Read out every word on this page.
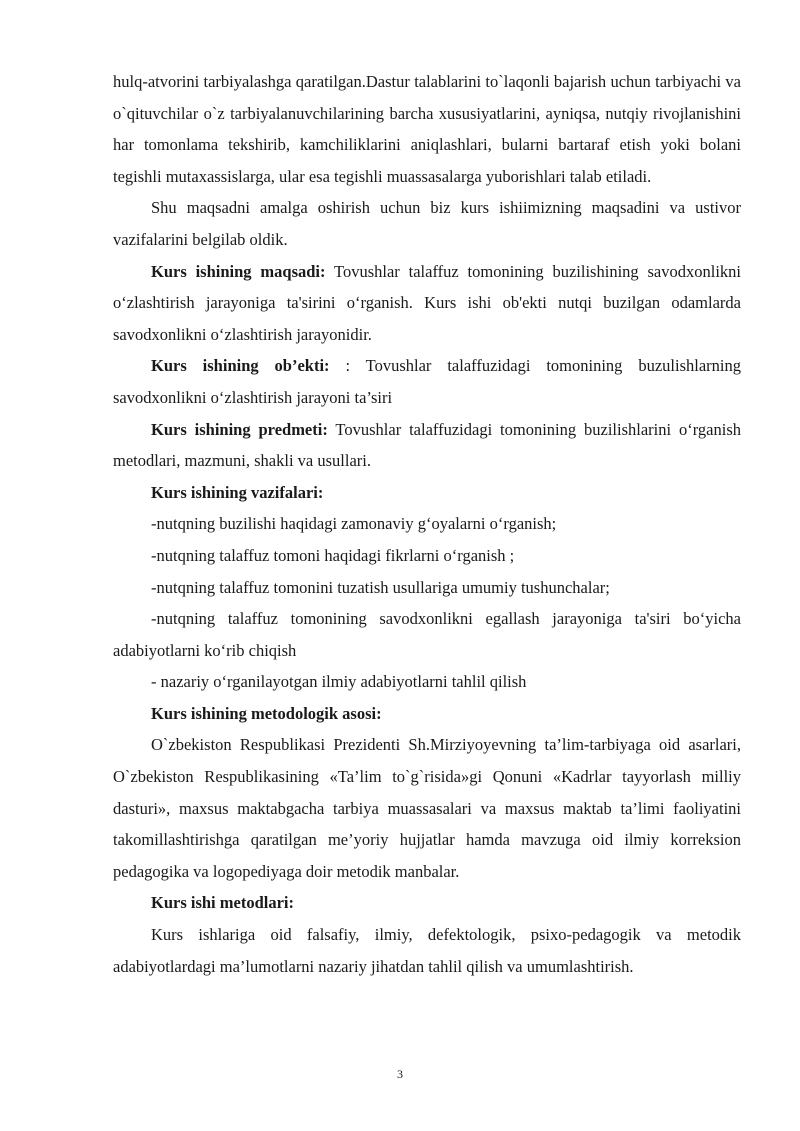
hulq-atvorini tarbiyalashga qaratilgan.Dastur talablarini to`laqonli bajarish uchun tarbiyachi va o`qituvchilar o`z tarbiyalanuvchilarining barcha xususiyatlarini, ayniqsa, nutqiy rivojlanishini har tomonlama tekshirib, kamchiliklarini aniqlashlari, bularni bartaraf etish yoki bolani tegishli mutaxassislarga, ular esa tegishli muassasalarga yuborishlari talab etiladi.

Shu maqsadni amalga oshirish uchun biz kurs ishiimizning maqsadini va ustivor vazifalarini belgilab oldik.

Kurs ishining maqsadi: Tovushlar talaffuz tomonining buzilishining savodxonlikni o‘zlashtirish jarayoniga ta'sirini o‘rganish. Kurs ishi ob'ekti nutqi buzilgan odamlarda savodxonlikni o‘zlashtirish jarayonidir.

Kurs ishining ob’ekti: : Tovushlar talaffuzidagi tomonining buzulishlarning savodxonlikni o‘zlashtirish jarayoni ta’siri

Kurs ishining predmeti: Tovushlar talaffuzidagi tomonining buzilishlarini o‘rganish metodlari, mazmuni, shakli va usullari.

Kurs ishining vazifalari:

-nutqning buzilishi haqidagi zamonaviy g‘oyalarni o‘rganish;

-nutqning talaffuz tomoni haqidagi fikrlarni o‘rganish ;

-nutqning talaffuz tomonini tuzatish usullariga umumiy tushunchalar;

-nutqning talaffuz tomonining savodxonlikni egallash jarayoniga ta'siri bo‘yicha adabiyotlarni ko‘rib chiqish

- nazariy o‘rganilayotgan ilmiy adabiyotlarni tahlil qilish

Kurs ishining metodologik asosi:

O`zbekiston Respublikasi Prezidenti Sh.Mirziyoyevning ta’lim-tarbiyaga oid asarlari, O`zbekiston Respublikasining «Ta’lim to`g`risida»gi Qonuni «Kadrlar tayyorlash milliy dasturi», maxsus maktabgacha tarbiya muassasalari va maxsus maktab ta’limi faoliyatini takomillashtirishga qaratilgan me’yoriy hujjatlar hamda mavzuga oid ilmiy korreksion pedagogika va logopediyaga doir metodik manbalar.

Kurs ishi metodlari:

Kurs ishlariga oid falsafiy, ilmiy, defektologik, psixo-pedagogik va metodik adabiyotlardagi ma’lumotlarni nazariy jihatdan tahlil qilish va umumlashtirish.

3
